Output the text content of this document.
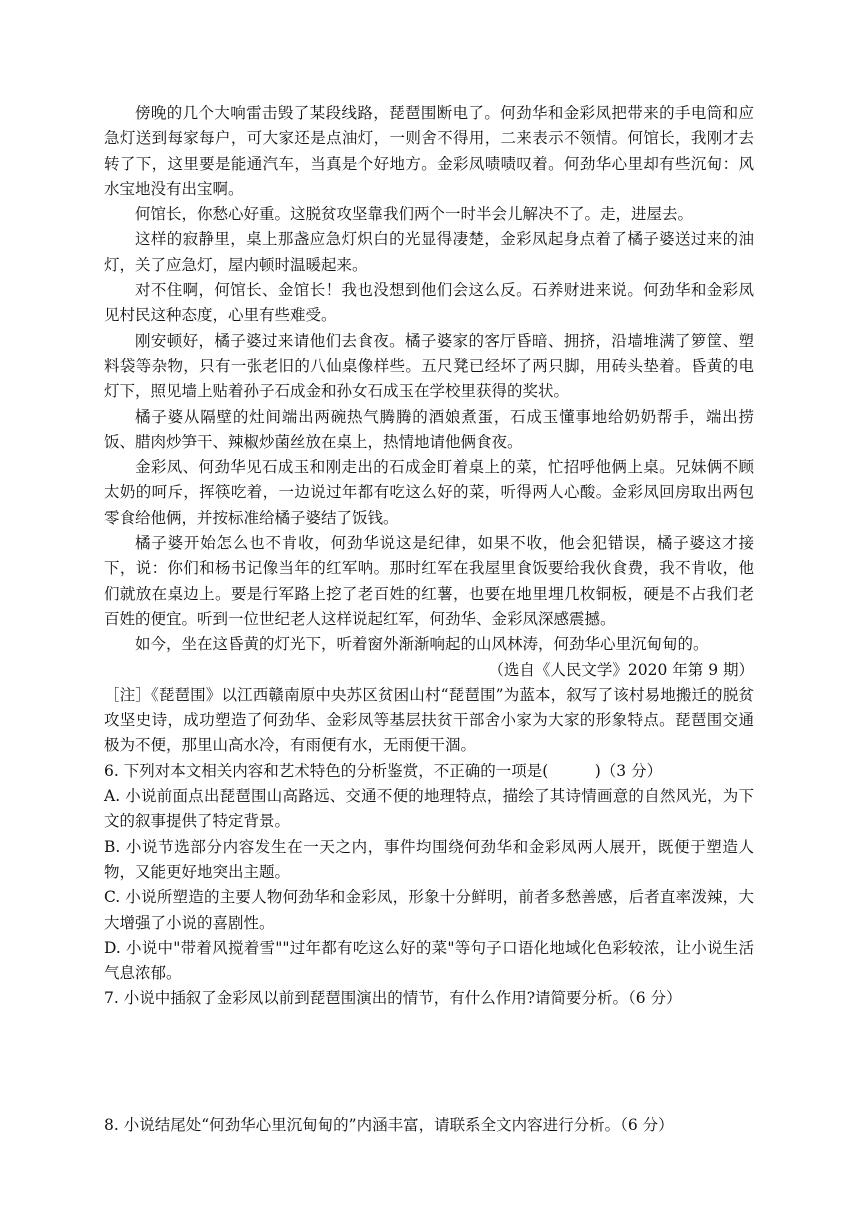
傍晚的几个大响雷击毁了某段线路，琵琶围断电了。何劲华和金彩凤把带来的手电筒和应急灯送到每家每户，可大家还是点油灯，一则舍不得用，二来表示不领情。何馆长，我刚才去转了下，这里要是能通汽车，当真是个好地方。金彩凤啧啧叹着。何劲华心里却有些沉甸：风水宝地没有出宝啊。

何馆长，你愁心好重。这脱贫攻坚靠我们两个一时半会儿解决不了。走，进屋去。

这样的寂静里，桌上那盏应急灯炽白的光显得凄楚，金彩凤起身点着了橘子婆送过来的油灯，关了应急灯，屋内顿时温暖起来。

对不住啊，何馆长、金馆长！我也没想到他们会这么反。石养财进来说。何劲华和金彩凤见村民这种态度，心里有些难受。

刚安顿好，橘子婆过来请他们去食夜。橘子婆家的客厅昏暗、拥挤，沿墙堆满了箩筐、塑料袋等杂物，只有一张老旧的八仙桌像样些。五尺凳已经坏了两只脚，用砖头垫着。昏黄的电灯下，照见墙上贴着孙子石成金和孙女石成玉在学校里获得的奖状。

橘子婆从隔壁的灶间端出两碗热气腾腾的酒娘煮蛋，石成玉懂事地给奶奶帮手，端出捞饭、腊肉炒笋干、辣椒炒菌丝放在桌上，热情地请他俩食夜。

金彩凤、何劲华见石成玉和刚走出的石成金盯着桌上的菜，忙招呼他俩上桌。兄妹俩不顾太奶的呵斥，挥筷吃着，一边说过年都有吃这么好的菜，听得两人心酸。金彩凤回房取出两包零食给他俩，并按标准给橘子婆结了饭钱。

橘子婆开始怎么也不肯收，何劲华说这是纪律，如果不收，他会犯错误，橘子婆这才接下，说：你们和杨书记像当年的红军呐。那时红军在我屋里食饭要给我伙食费，我不肯收，他们就放在桌边上。要是行军路上挖了老百姓的红薯，也要在地里埋几枚铜板，硬是不占我们老百姓的便宜。听到一位世纪老人这样说起红军，何劲华、金彩凤深感震撼。

如今，坐在这昏黄的灯光下，听着窗外渐渐响起的山风林涛，何劲华心里沉甸甸的。

（选自《人民文学》2020 年第 9 期）

［注］《琵琶围》以江西赣南原中央苏区贫困山村“琵琶围”为蓝本，叙写了该村易地搬迁的脱贫攻坚史诗，成功塑造了何劲华、金彩凤等基层扶贫干部舍小家为大家的形象特点。琵琶围交通极为不便，那里山高水冷，有雨便有水，无雨便干涸。

6. 下列对本文相关内容和艺术特色的分析鉴赏，不正确的一项是(　　　)（3 分）

A. 小说前面点出琵琶围山高路远、交通不便的地理特点，描绘了其诗情画意的自然风光，为下文的叙事提供了特定背景。

B. 小说节选部分内容发生在一天之内，事件均围绕何劲华和金彩凤两人展开，既便于塑造人物，又能更好地突出主题。

C. 小说所塑造的主要人物何劲华和金彩凤，形象十分鲜明，前者多愁善感，后者直率泼辣，大大增强了小说的喜剧性。

D. 小说中"带着风搅着雪""过年都有吃这么好的菜"等句子口语化地域化色彩较浓，让小说生活气息浓郁。

7. 小说中插叙了金彩凤以前到琵琶围演出的情节，有什么作用?请简要分析。（6 分）

8. 小说结尾处“何劲华心里沉甸甸的”内涵丰富，请联系全文内容进行分析。（6 分）
